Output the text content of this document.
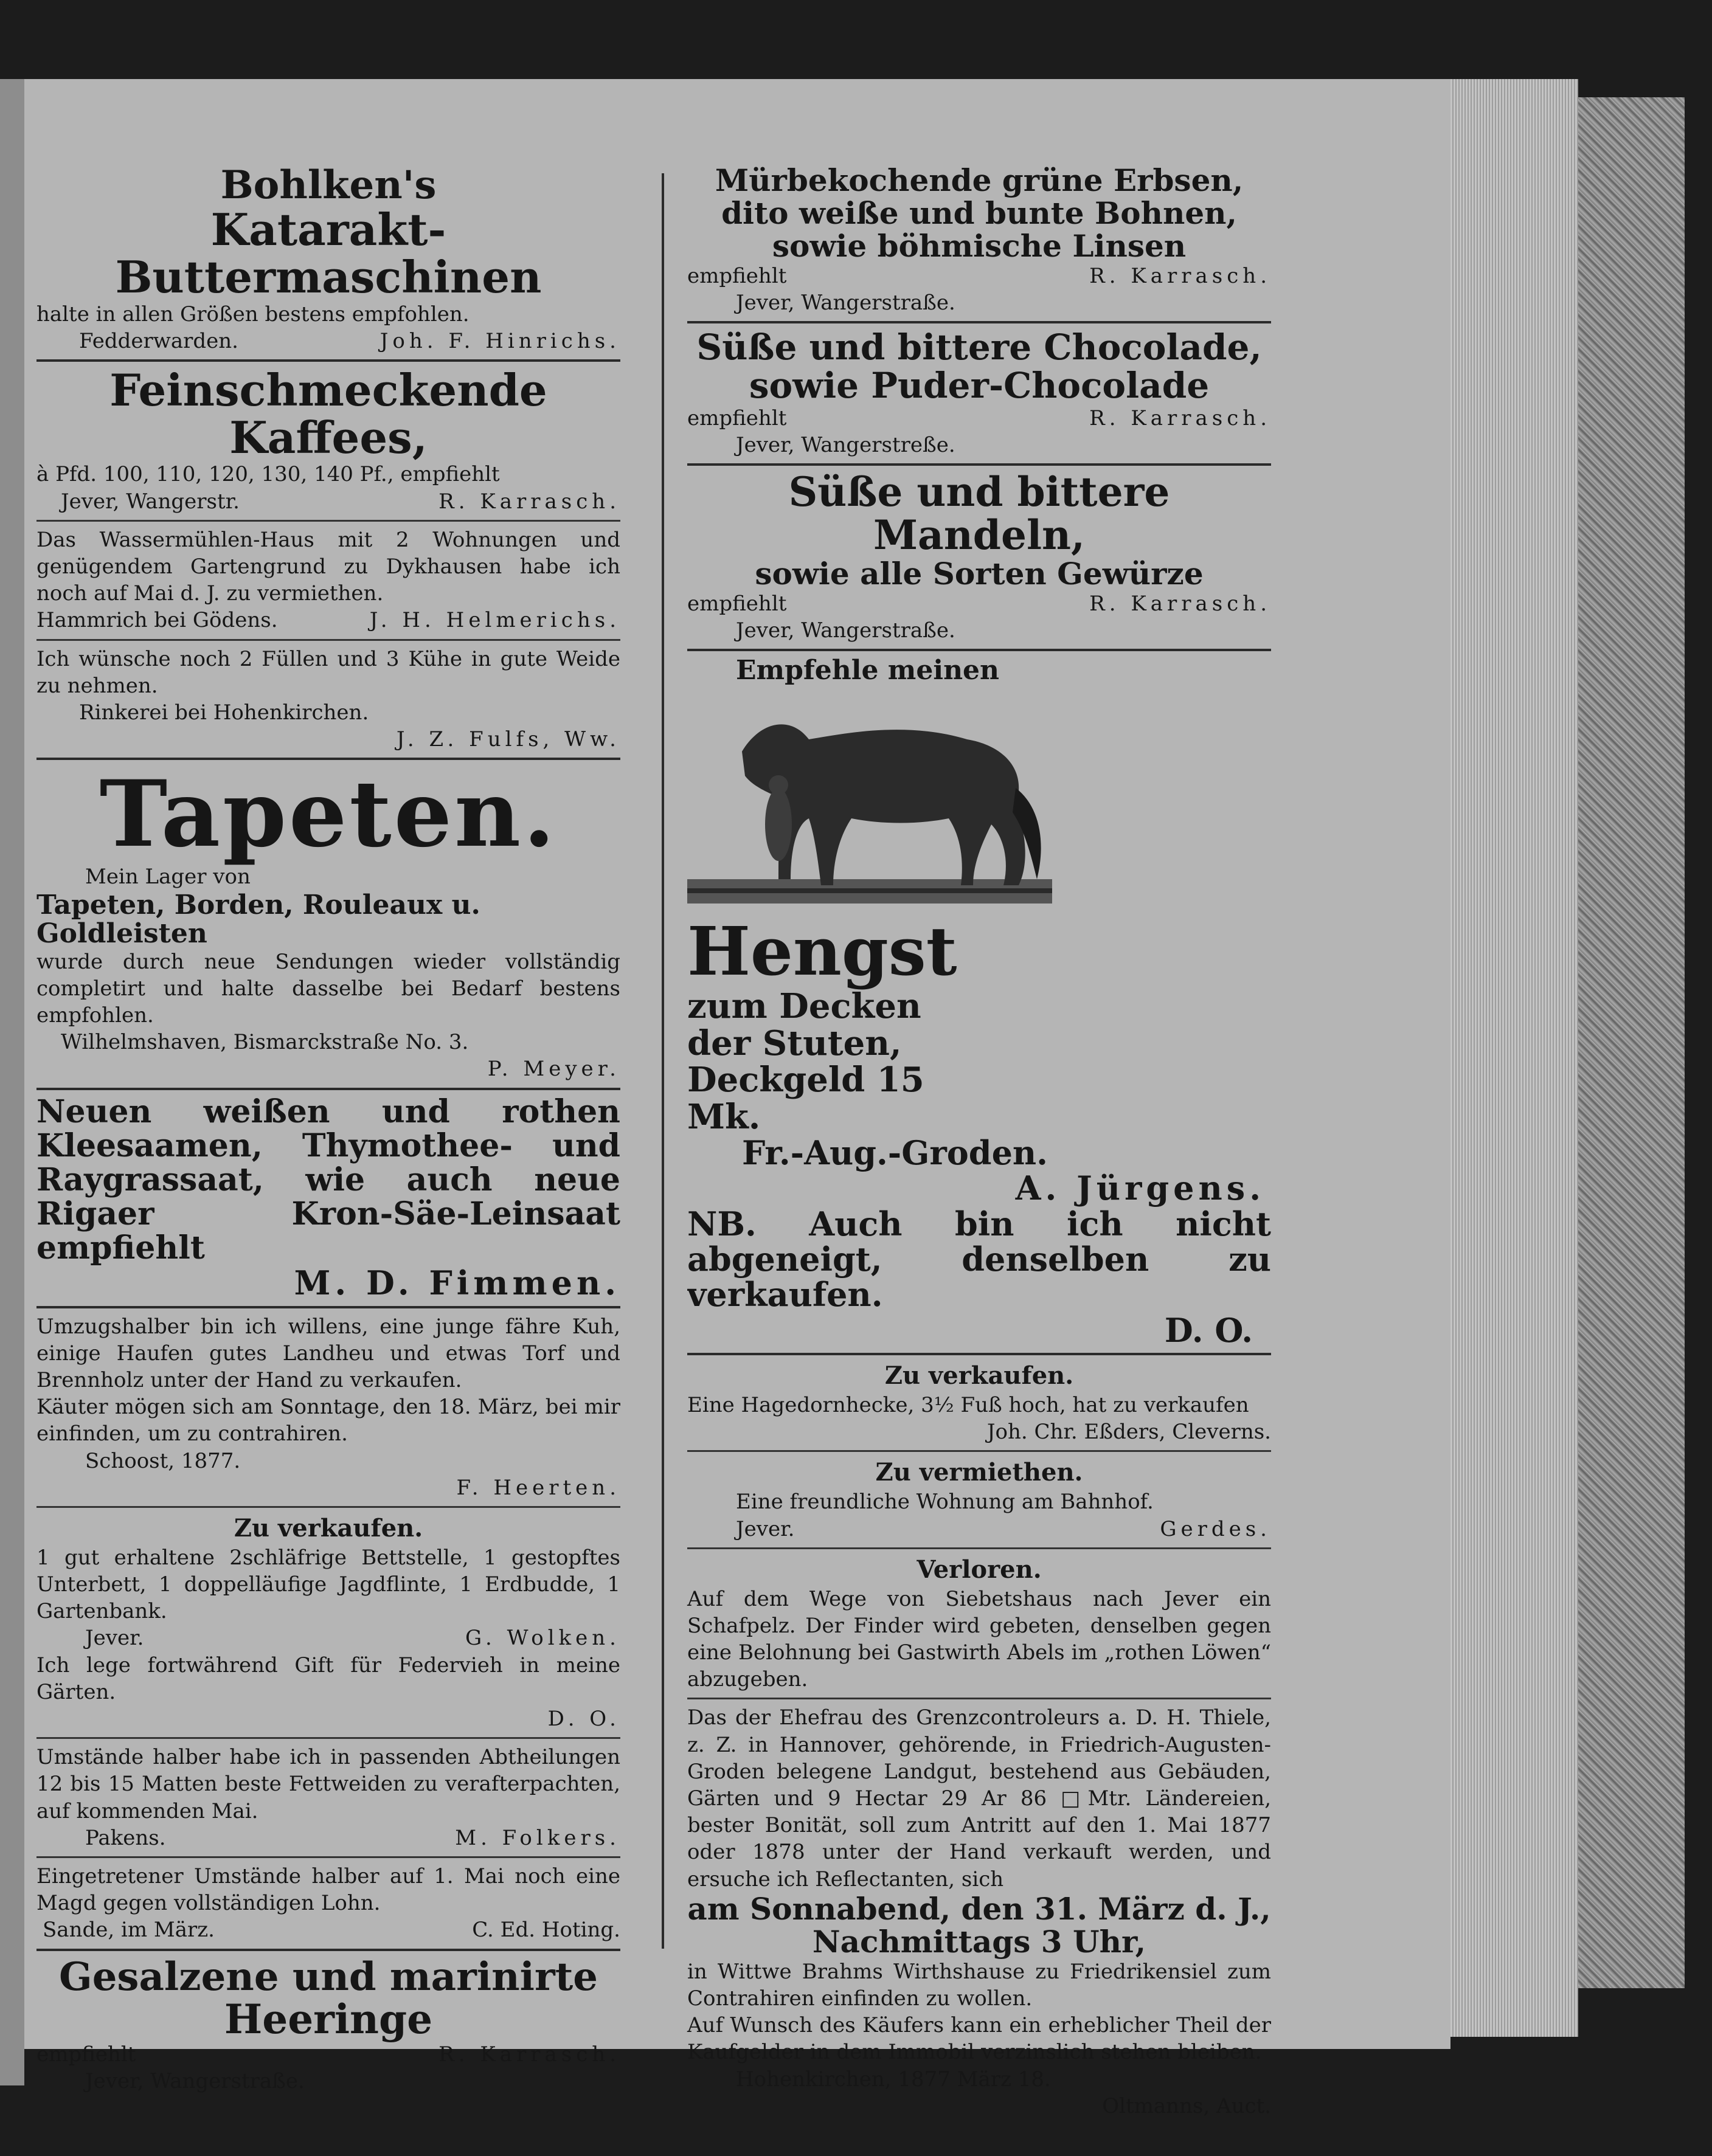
Bohlken's
Katarakt-Buttermaschinen
halte in allen Größen bestens empfohlen.
Fedderwarden.	Joh. F. Hinrichs.
Feinschmeckende Kaffees,
à Pfd. 100, 110, 120, 130, 140 Pf., empfiehlt
Jever, Wangerstr.	R. Karrasch.
Das Wassermühlen-Haus mit 2 Wohnungen und genügendem Gartengrund zu Dykhausen habe ich noch auf Mai d. J. zu vermiethen.
Hammrich bei Gödens.	J. H. Helmerichs.
Ich wünsche noch 2 Füllen und 3 Kühe in gute Weide zu nehmen.
Rinkerei bei Hohenkirchen.
J. Z. Fulfs, Ww.
Tapeten.
Mein Lager von
Tapeten, Borden, Rouleaux u. Goldleisten
wurde durch neue Sendungen wieder vollständig completirt und halte dasselbe bei Bedarf bestens empfohlen.
Wilhelmshaven, Bismarckstraße No. 3.
P. Meyer.
Neuen weißen und rothen Kleesaamen, Thymothee- und Raygrassaat, wie auch neue Rigaer Kron-Säe-Leinsaat empfiehlt
M. D. Fimmen.
Umzugshalber bin ich willens, eine junge fähre Kuh, einige Haufen gutes Landheu und etwas Torf und Brennholz unter der Hand zu verkaufen.
Käuter mögen sich am Sonntage, den 18. März, bei mir einfinden, um zu contrahiren.
Schoost, 1877.
F. Heerten.
Zu verkaufen.
1 gut erhaltene 2schläfrige Bettstelle, 1 gestopftes Unterbett, 1 doppelläufige Jagdflinte, 1 Erdbudde, 1 Gartenbank.
Jever.	G. Wolken.
Ich lege fortwährend Gift für Federvieh in meine Gärten.
D. O.
Umstände halber habe ich in passenden Abtheilungen 12 bis 15 Matten beste Fettweiden zu verafterpachten, auf kommenden Mai.
Pakens.	M. Folkers.
Eingetretener Umstände halber auf 1. Mai noch eine Magd gegen vollständigen Lohn.
Sande, im März.	C. Ed. Hoting.
Gesalzene und marinirte
Heeringe
empfiehlt	R. Karrasch.
Jever, Wangerstraße.
Mürbekochende grüne Erbsen,
dito weiße und bunte Bohnen,
sowie böhmische Linsen
empfiehlt	R. Karrasch.
Jever, Wangerstraße.
Süße und bittere Chocolade,
sowie Puder-Chocolade
empfiehlt	R. Karrasch.
Jever, Wangerstreße.
Süße und bittere Mandeln,
sowie alle Sorten Gewürze
empfiehlt	R. Karrasch.
Jever, Wangerstraße.
Empfehle meinen
Hengst
zum Decken
der Stuten,
Deckgeld 15
Mk.
Fr.-Aug.-Groden.
A. Jürgens.
NB. Auch bin ich nicht abgeneigt, denselben zu verkaufen.
D. O.
Zu verkaufen.
Eine Hagedornhecke, 3½ Fuß hoch, hat zu verkaufen
Joh. Chr. Eßders, Cleverns.
Zu vermiethen.
Eine freundliche Wohnung am Bahnhof.
Jever.	Gerdes.
Verloren.
Auf dem Wege von Siebetshaus nach Jever ein Schafpelz. Der Finder wird gebeten, denselben gegen eine Belohnung bei Gastwirth Abels im „rothen Löwen“ abzugeben.
Das der Ehefrau des Grenzcontroleurs a. D. H. Thiele, z. Z. in Hannover, gehörende, in Friedrich-Augusten-Groden belegene Landgut, bestehend aus Gebäuden, Gärten und 9 Hectar 29 Ar 86 □Mtr. Ländereien, bester Bonität, soll zum Antritt auf den 1. Mai 1877 oder 1878 unter der Hand verkauft werden, und ersuche ich Reflectanten, sich
am Sonnabend, den 31. März d. J.,
Nachmittags 3 Uhr,
in Wittwe Brahms Wirthshause zu Friedrikensiel zum Contrahiren einfinden zu wollen.
Auf Wunsch des Käufers kann ein erheblicher Theil der Kaufgelder in dem Immobil verzinslich stehen bleiben.
Hohenkirchen, 1877 März 18.
Oltmanns, Auct.
